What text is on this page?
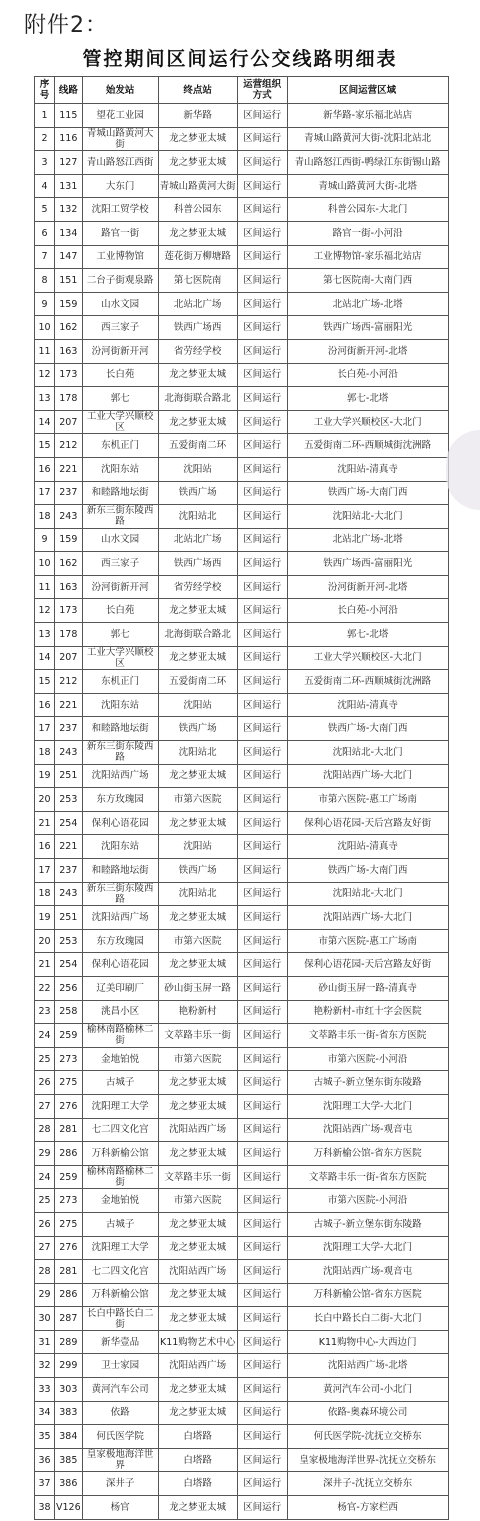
附件2：
管控期间区间运行公交线路明细表
序号	线路	始发站	终点站	运营组织方式	区间运营区域
1	115	望花工业园	新华路	区间运行	新华路-家乐福北站店
2	116	青城山路黄河大街	龙之梦亚太城	区间运行	青城山路黄河大街-沈阳北站北
3	127	青山路怒江西街	龙之梦亚太城	区间运行	青山路怒江西街-鸭绿江东街锡山路
4	131	大东门	青城山路黄河大街	区间运行	青城山路黄河大街-北塔
5	132	沈阳工贸学校	科普公园东	区间运行	科普公园东-大北门
6	134	路官一街	龙之梦亚太城	区间运行	路官一街-小河沿
7	147	工业博物馆	莲花街万柳塘路	区间运行	工业博物馆-家乐福北站店
8	151	二台子街观泉路	第七医院南	区间运行	第七医院南-大南门西
9	159	山水文园	北站北广场	区间运行	北站北广场-北塔
10	162	西三家子	铁西广场西	区间运行	铁西广场西-富丽阳光
11	163	汾河街新开河	省劳经学校	区间运行	汾河街新开河-北塔
12	173	长白苑	龙之梦亚太城	区间运行	长白苑-小河沿
13	178	郭七	北海街联合路北	区间运行	郭七-北塔
14	207	工业大学兴顺校区	龙之梦亚太城	区间运行	工业大学兴顺校区-大北门
15	212	东机正门	五爱街南二环	区间运行	五爱街南二环-西顺城街沈洲路
16	221	沈阳东站	沈阳站	区间运行	沈阳站-清真寺
17	237	和睦路地坛街	铁西广场	区间运行	铁西广场-大南门西
18	243	新东三街东陵西路	沈阳站北	区间运行	沈阳站北-大北门
9	159	山水文园	北站北广场	区间运行	北站北广场-北塔
10	162	西三家子	铁西广场西	区间运行	铁西广场西-富丽阳光
11	163	汾河街新开河	省劳经学校	区间运行	汾河街新开河-北塔
12	173	长白苑	龙之梦亚太城	区间运行	长白苑-小河沿
13	178	郭七	北海街联合路北	区间运行	郭七-北塔
14	207	工业大学兴顺校区	龙之梦亚太城	区间运行	工业大学兴顺校区-大北门
15	212	东机正门	五爱街南二环	区间运行	五爱街南二环-西顺城街沈洲路
16	221	沈阳东站	沈阳站	区间运行	沈阳站-清真寺
17	237	和睦路地坛街	铁西广场	区间运行	铁西广场-大南门西
18	243	新东三街东陵西路	沈阳站北	区间运行	沈阳站北-大北门
19	251	沈阳站西广场	龙之梦亚太城	区间运行	沈阳站西广场-大北门
20	253	东方玫瑰园	市第六医院	区间运行	市第六医院-惠工广场南
21	254	保利心语花园	龙之梦亚太城	区间运行	保利心语花园-天后宫路友好街
16	221	沈阳东站	沈阳站	区间运行	沈阳站-清真寺
17	237	和睦路地坛街	铁西广场	区间运行	铁西广场-大南门西
18	243	新东三街东陵西路	沈阳站北	区间运行	沈阳站北-大北门
19	251	沈阳站西广场	龙之梦亚太城	区间运行	沈阳站西广场-大北门
20	253	东方玫瑰园	市第六医院	区间运行	市第六医院-惠工广场南
21	254	保利心语花园	龙之梦亚太城	区间运行	保利心语花园-天后宫路友好街
22	256	辽美印刷厂	砂山街玉屏一路	区间运行	砂山街玉屏一路-清真寺
23	258	洮昌小区	艳粉新村	区间运行	艳粉新村-市红十字会医院
24	259	榆林南路榆林二街	文萃路丰乐一街	区间运行	文萃路丰乐一街-省东方医院
25	273	金地铂悦	市第六医院	区间运行	市第六医院-小河沿
26	275	古城子	龙之梦亚太城	区间运行	古城子-新立堡东街东陵路
27	276	沈阳理工大学	龙之梦亚太城	区间运行	沈阳理工大学-大北门
28	281	七二四文化宫	沈阳站西广场	区间运行	沈阳站西广场-观音屯
29	286	万科新榆公馆	龙之梦亚太城	区间运行	万科新榆公馆-省东方医院
24	259	榆林南路榆林二街	文萃路丰乐一街	区间运行	文萃路丰乐一街-省东方医院
25	273	金地铂悦	市第六医院	区间运行	市第六医院-小河沿
26	275	古城子	龙之梦亚太城	区间运行	古城子-新立堡东街东陵路
27	276	沈阳理工大学	龙之梦亚太城	区间运行	沈阳理工大学-大北门
28	281	七二四文化宫	沈阳站西广场	区间运行	沈阳站西广场-观音屯
29	286	万科新榆公馆	龙之梦亚太城	区间运行	万科新榆公馆-省东方医院
30	287	长白中路长白二街	龙之梦亚太城	区间运行	长白中路长白二街-大北门
31	289	新华壹品	K11购物艺术中心	区间运行	K11购物中心-大西边门
32	299	卫士家园	沈阳站西广场	区间运行	沈阳站西广场-北塔
33	303	黄河汽车公司	龙之梦亚太城	区间运行	黄河汽车公司-小北门
34	383	依路	龙之梦亚太城	区间运行	依路-奥森环境公司
35	384	何氏医学院	白塔路	区间运行	何氏医学院-沈抚立交桥东
36	385	皇家极地海洋世界	白塔路	区间运行	皇家极地海洋世界-沈抚立交桥东
37	386	深井子	白塔路	区间运行	深井子-沈抚立交桥东
38	V126	杨官	龙之梦亚太城	区间运行	杨官-方家栏西
